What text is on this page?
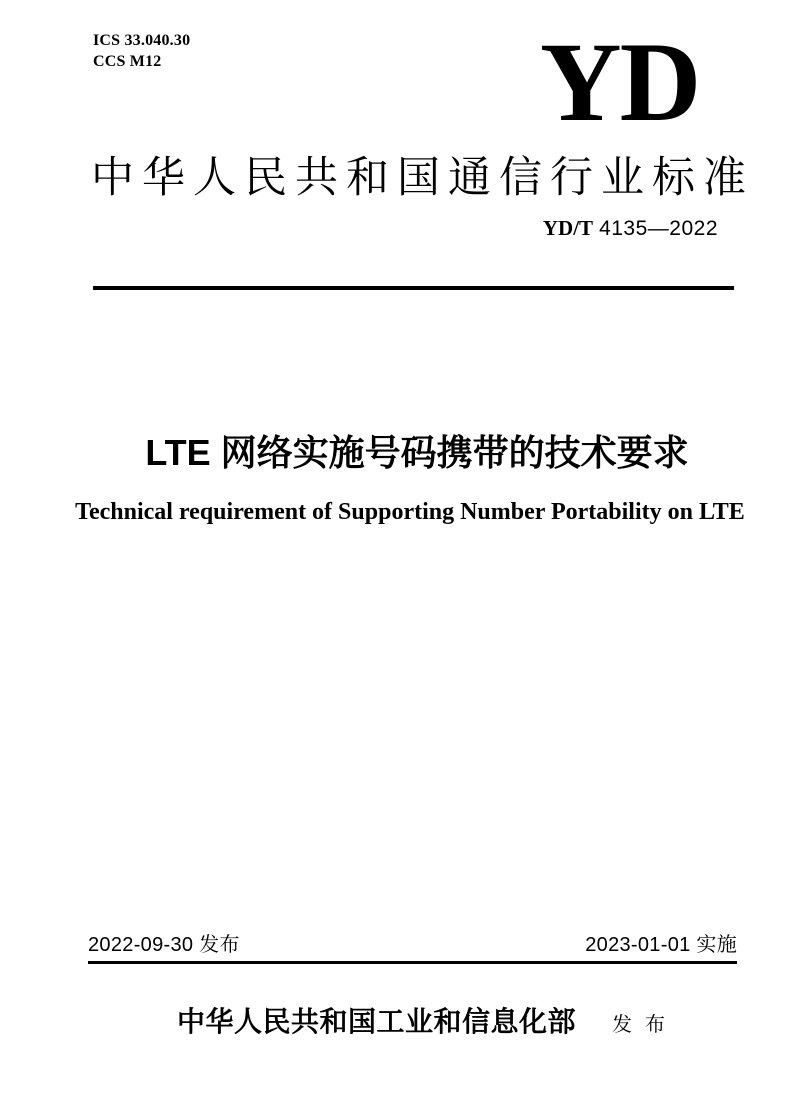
ICS 33.040.30
CCS M12	YD
中华人民共和国通信行业标准
YD/T 4135—2022
LTE 网络实施号码携带的技术要求
Technical requirement of Supporting Number Portability on LTE
2022-09-30 发布	2023-01-01 实施
中华人民共和国工业和信息化部 发 布
